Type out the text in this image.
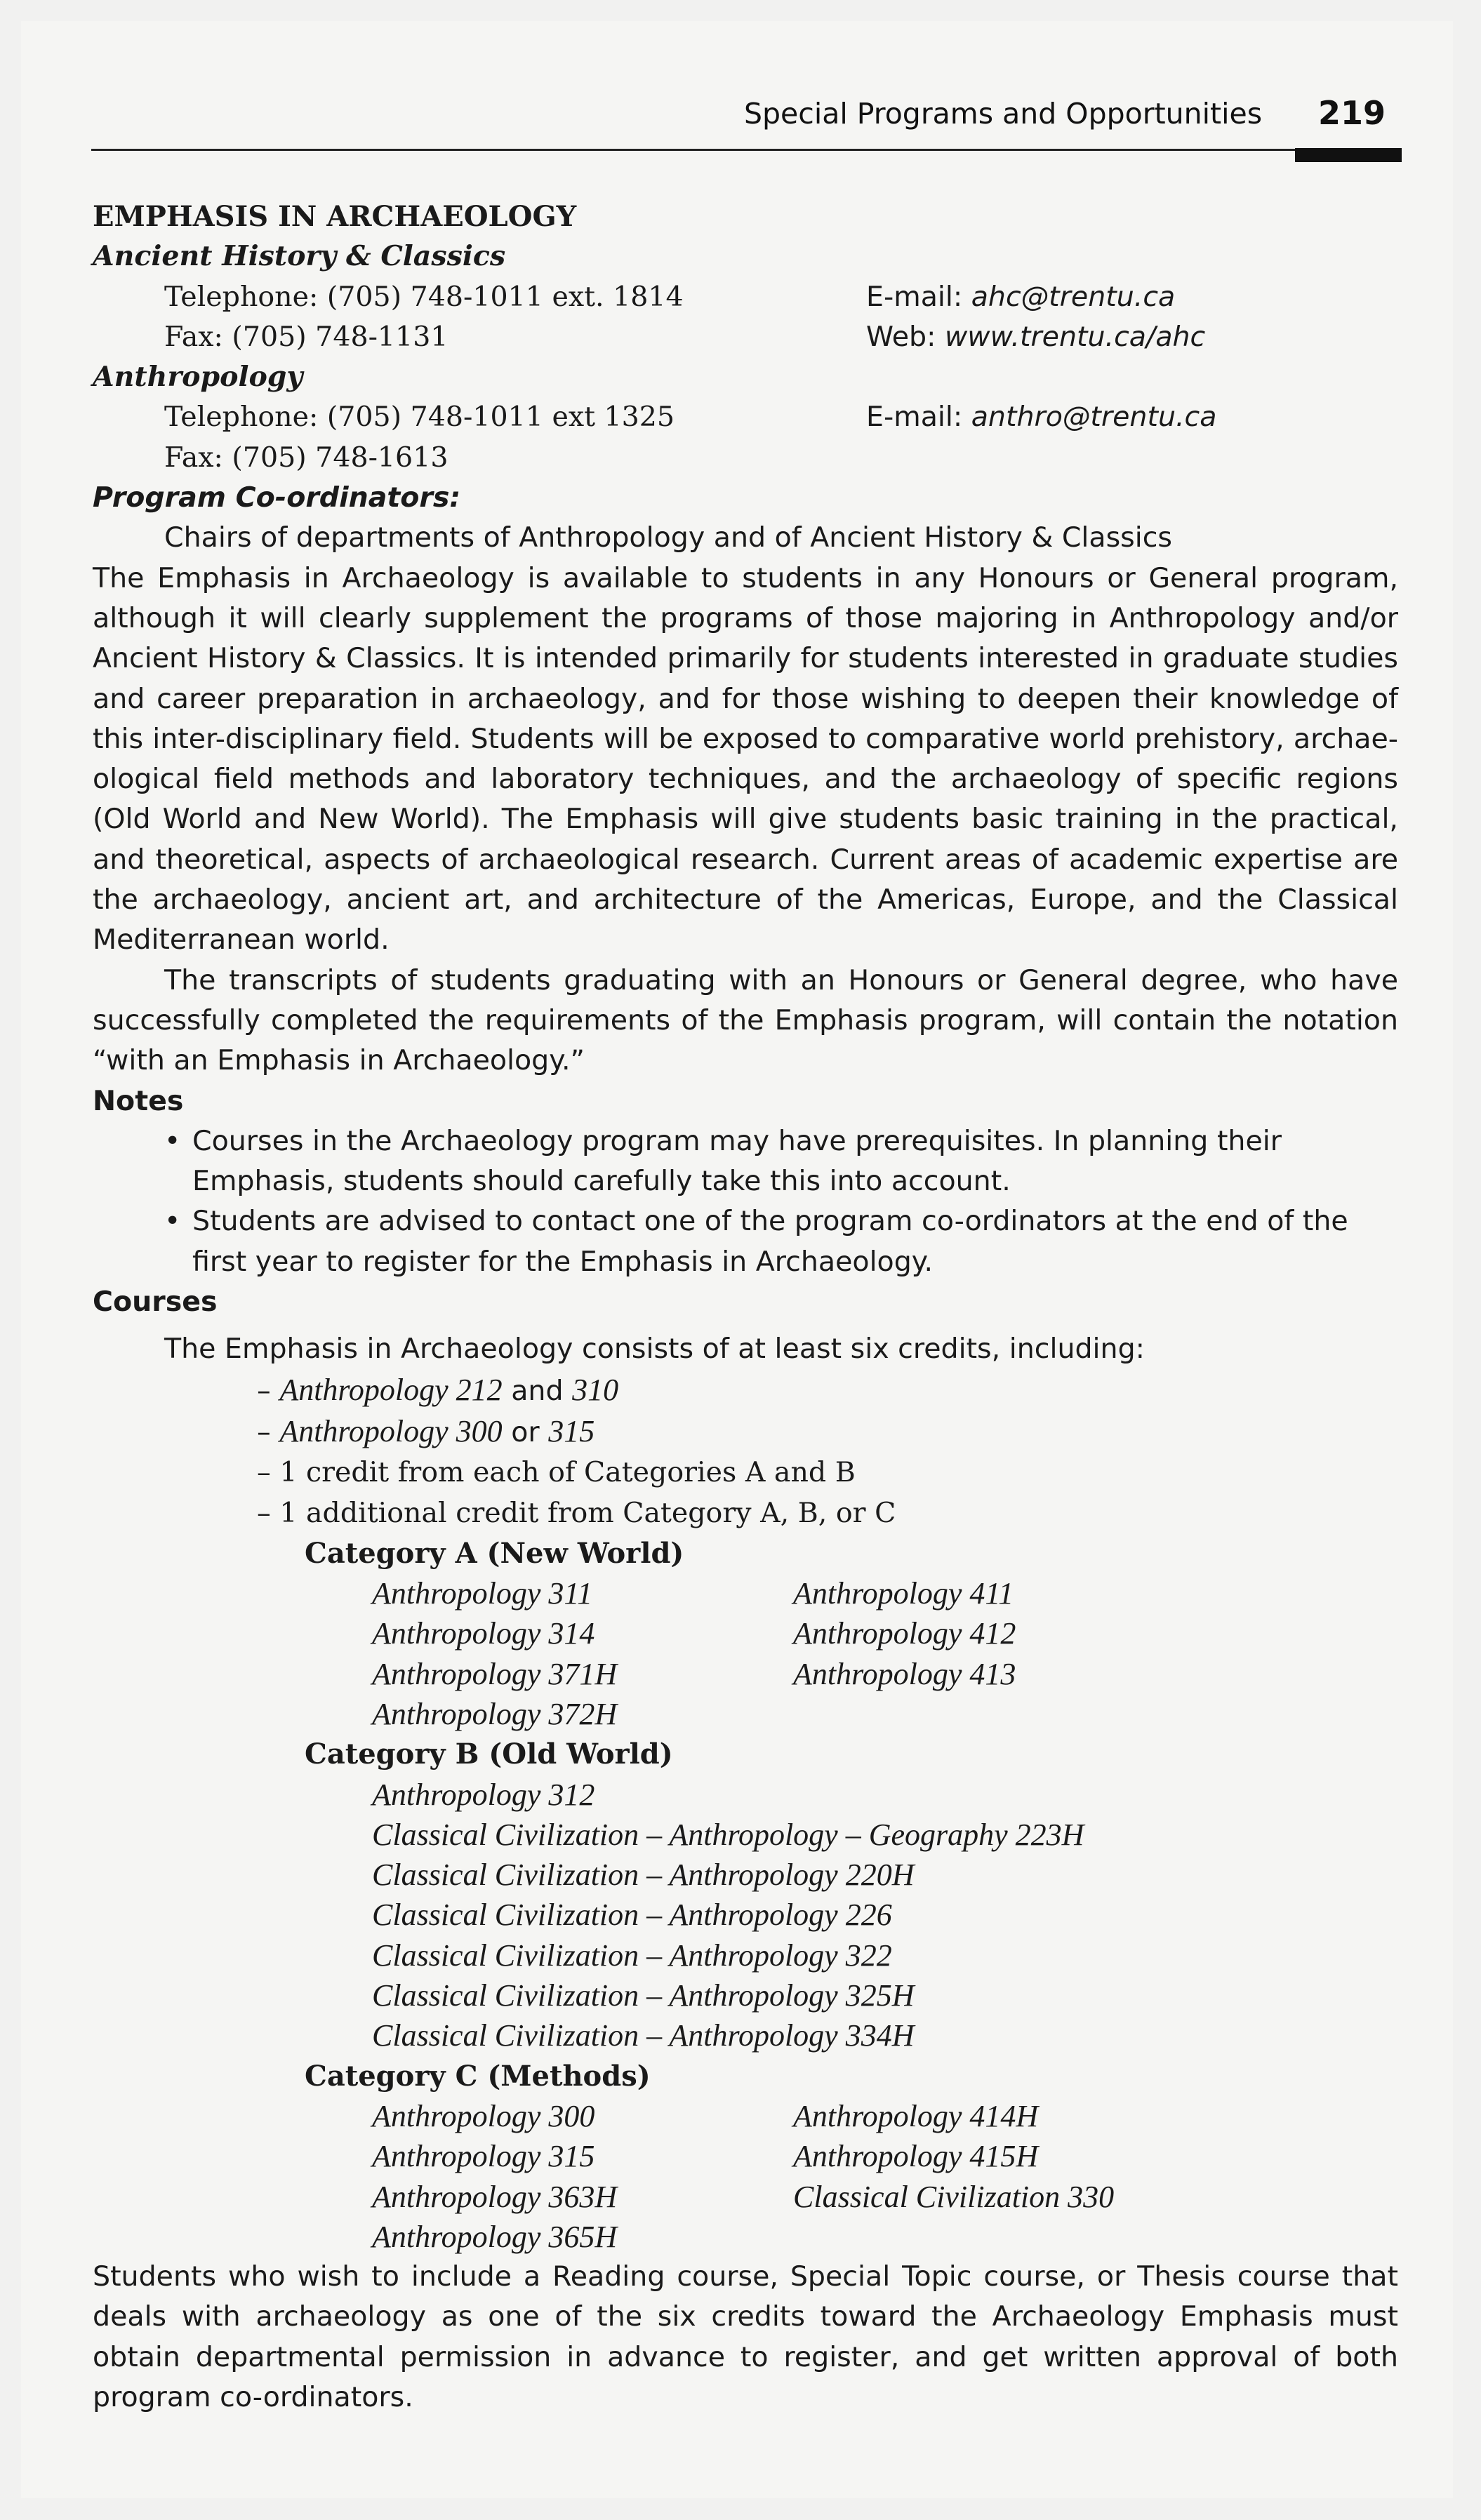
Special Programs and Opportunities 219
EMPHASIS IN ARCHAEOLOGY
Ancient History & Classics
Telephone: (705) 748-1011 ext. 1814	E-mail: ahc@trentu.ca
Fax: (705) 748-1131	Web: www.trentu.ca/ahc
Anthropology
Telephone: (705) 748-1011 ext 1325	E-mail: anthro@trentu.ca
Fax: (705) 748-1613
Program Co-ordinators:
Chairs of departments of Anthropology and of Ancient History & Classics
The Emphasis in Archaeology is available to students in any Honours or General program,
although it will clearly supplement the programs of those majoring in Anthropology and/or
Ancient History & Classics. It is intended primarily for students interested in graduate studies
and career preparation in archaeology, and for those wishing to deepen their knowledge of
this inter-disciplinary field. Students will be exposed to comparative world prehistory, archae-
ological field methods and laboratory techniques, and the archaeology of specific regions
(Old World and New World). The Emphasis will give students basic training in the practical,
and theoretical, aspects of archaeological research. Current areas of academic expertise are
the archaeology, ancient art, and architecture of the Americas, Europe, and the Classical
Mediterranean world.
The transcripts of students graduating with an Honours or General degree, who have
successfully completed the requirements of the Emphasis program, will contain the notation
“with an Emphasis in Archaeology.”
Notes
• Courses in the Archaeology program may have prerequisites. In planning their
Emphasis, students should carefully take this into account.
• Students are advised to contact one of the program co-ordinators at the end of the
first year to register for the Emphasis in Archaeology.
Courses
The Emphasis in Archaeology consists of at least six credits, including:
– Anthropology 212 and 310
– Anthropology 300 or 315
– 1 credit from each of Categories A and B
– 1 additional credit from Category A, B, or C
Category A (New World)
Anthropology 311	Anthropology 411
Anthropology 314	Anthropology 412
Anthropology 371H	Anthropology 413
Anthropology 372H
Category B (Old World)
Anthropology 312
Classical Civilization – Anthropology – Geography 223H
Classical Civilization – Anthropology 220H
Classical Civilization – Anthropology 226
Classical Civilization – Anthropology 322
Classical Civilization – Anthropology 325H
Classical Civilization – Anthropology 334H
Category C (Methods)
Anthropology 300	Anthropology 414H
Anthropology 315	Anthropology 415H
Anthropology 363H	Classical Civilization 330
Anthropology 365H
Students who wish to include a Reading course, Special Topic course, or Thesis course that
deals with archaeology as one of the six credits toward the Archaeology Emphasis must
obtain departmental permission in advance to register, and get written approval of both
program co-ordinators.
